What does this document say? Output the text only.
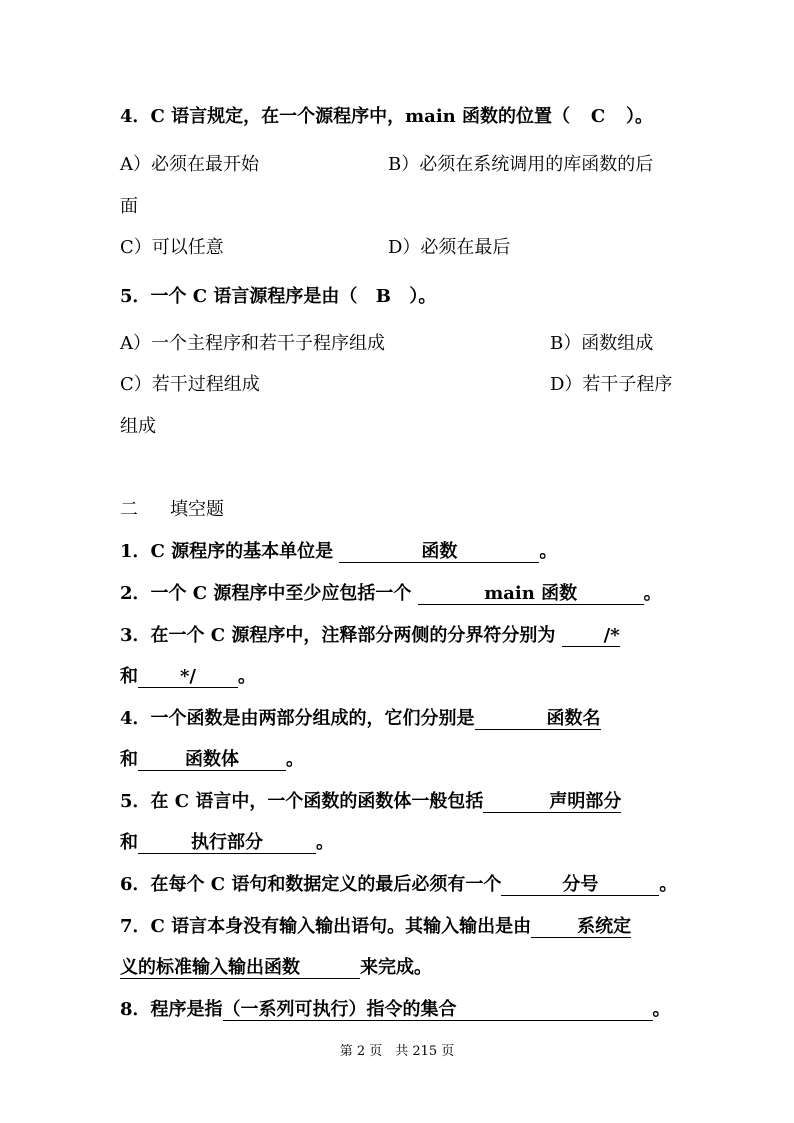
4．C 语言规定，在一个源程序中，main 函数的位置（ C ）。
A）必须在最开始	B）必须在系统调用的库函数的后
面
C）可以任意	D）必须在最后
5．一个 C 语言源程序是由（ B ）。
A）一个主程序和若干子程序组成	B）函数组成
C）若干过程组成	D）若干子程序
组成
二 填空题
1．C 源程序的基本单位是	函数	。
2．一个 C 源程序中至少应包括一个	main 函数	。
3．在一个 C 源程序中，注释部分两侧的分界符分别为	/*
和 */ 。
4．一个函数是由两部分组成的，它们分别是	函数名
和	函数体	。
5．在 C 语言中，一个函数的函数体一般包括	声明部分
和	执行部分	。
6．在每个 C 语句和数据定义的最后必须有一个	分号	。
7．C 语言本身没有输入输出语句。其输入输出是由	系统定
义的标准输入输出函数	来完成。
8．程序是指（一系列可执行）指令的集合	。
第 2 页　共 215 页
